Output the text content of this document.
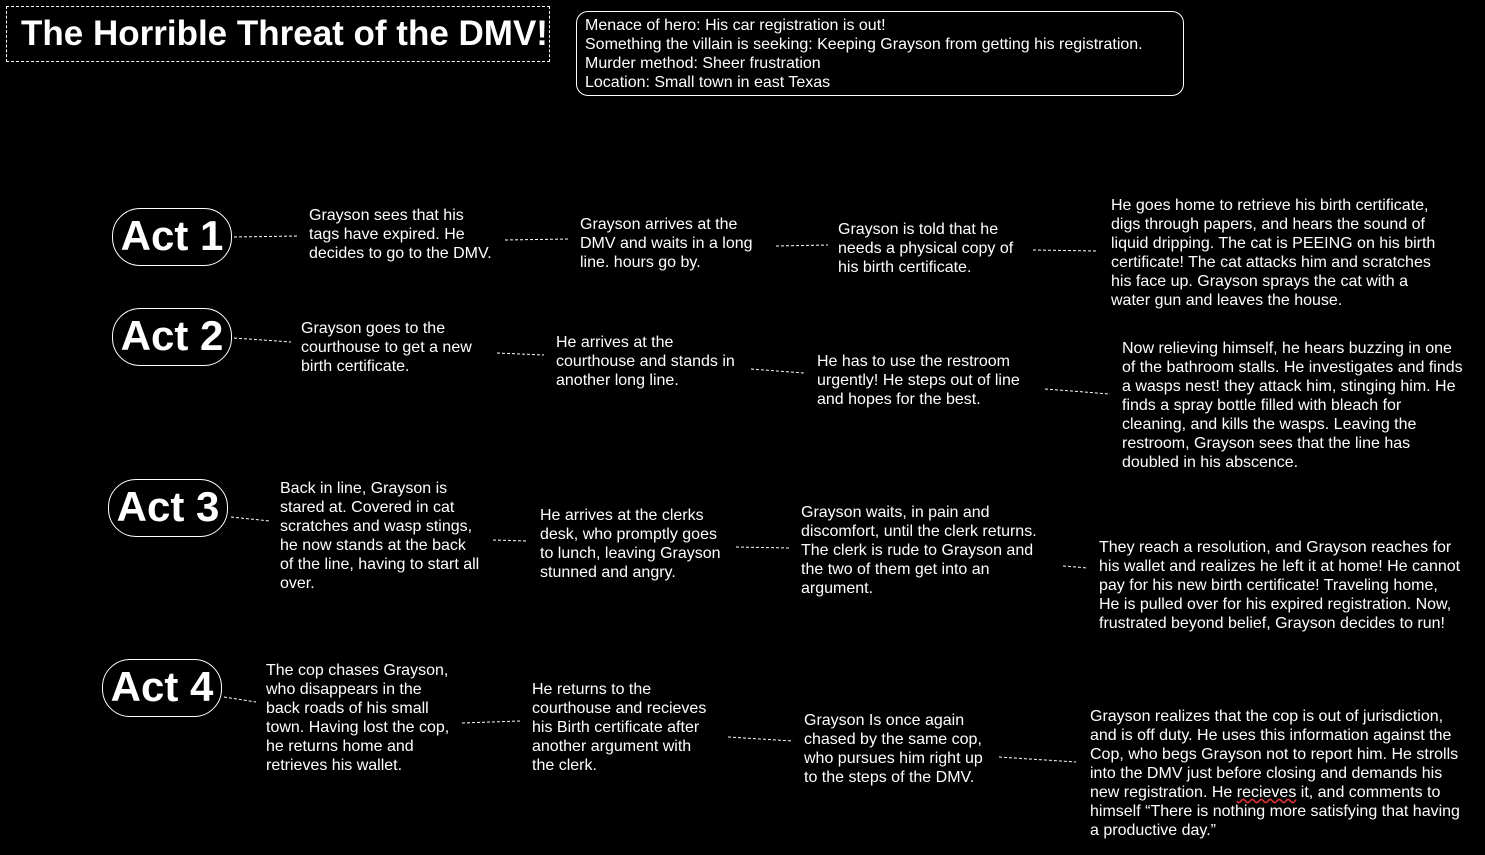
The Horrible Threat of the DMV! Menace of hero: His car registration is out!
Something the villain is seeking: Keeping Grayson from getting his registration.
Murder method: Sheer frustration
Location: Small town in east Texas
Act 1	Grayson sees that his
tags have expired. He
decides to go to the DMV.

Grayson arrives at the
DMV and waits in a long
line. hours go by.

Grayson is told that he
needs a physical copy of
his birth certificate.

He goes home to retrieve his birth certificate,
digs through papers, and hears the sound of
liquid dripping. The cat is PEEING on his birth
certificate! The cat attacks him and scratches
his face up. Grayson sprays the cat with a
water gun and leaves the house.

Act 2	Grayson goes to the
courthouse to get a new
birth certificate.

He arrives at the
courthouse and stands in
another long line.

He has to use the restroom
urgently! He steps out of line
and hopes for the best.

Now relieving himself, he hears buzzing in one
of the bathroom stalls. He investigates and finds
a wasps nest! they attack him, stinging him. He
finds a spray bottle filled with bleach for
cleaning, and kills the wasps. Leaving the
restroom, Grayson sees that the line has
doubled in his abscence.

Act 3	Back in line, Grayson is
stared at. Covered in cat
scratches and wasp stings,
he now stands at the back
of the line, having to start all
over.

He arrives at the clerks
desk, who promptly goes
to lunch, leaving Grayson
stunned and angry.

Grayson waits, in pain and
discomfort, until the clerk returns.
The clerk is rude to Grayson and
the two of them get into an
argument.

They reach a resolution, and Grayson reaches for
his wallet and realizes he left it at home! He cannot
pay for his new birth certificate! Traveling home,
He is pulled over for his expired registration. Now,
frustrated beyond belief, Grayson decides to run!

Act 4	The cop chases Grayson,
who disappears in the
back roads of his small
town. Having lost the cop,
he returns home and
retrieves his wallet.

He returns to the
courthouse and recieves
his Birth certificate after
another argument with
the clerk.

Grayson Is once again
chased by the same cop,
who pursues him right up
to the steps of the DMV.

Grayson realizes that the cop is out of jurisdiction,
and is off duty. He uses this information against the
Cop, who begs Grayson not to report him. He strolls
into the DMV just before closing and demands his
new registration. He recieves it, and comments to
himself “There is nothing more satisfying that having
a productive day.”
